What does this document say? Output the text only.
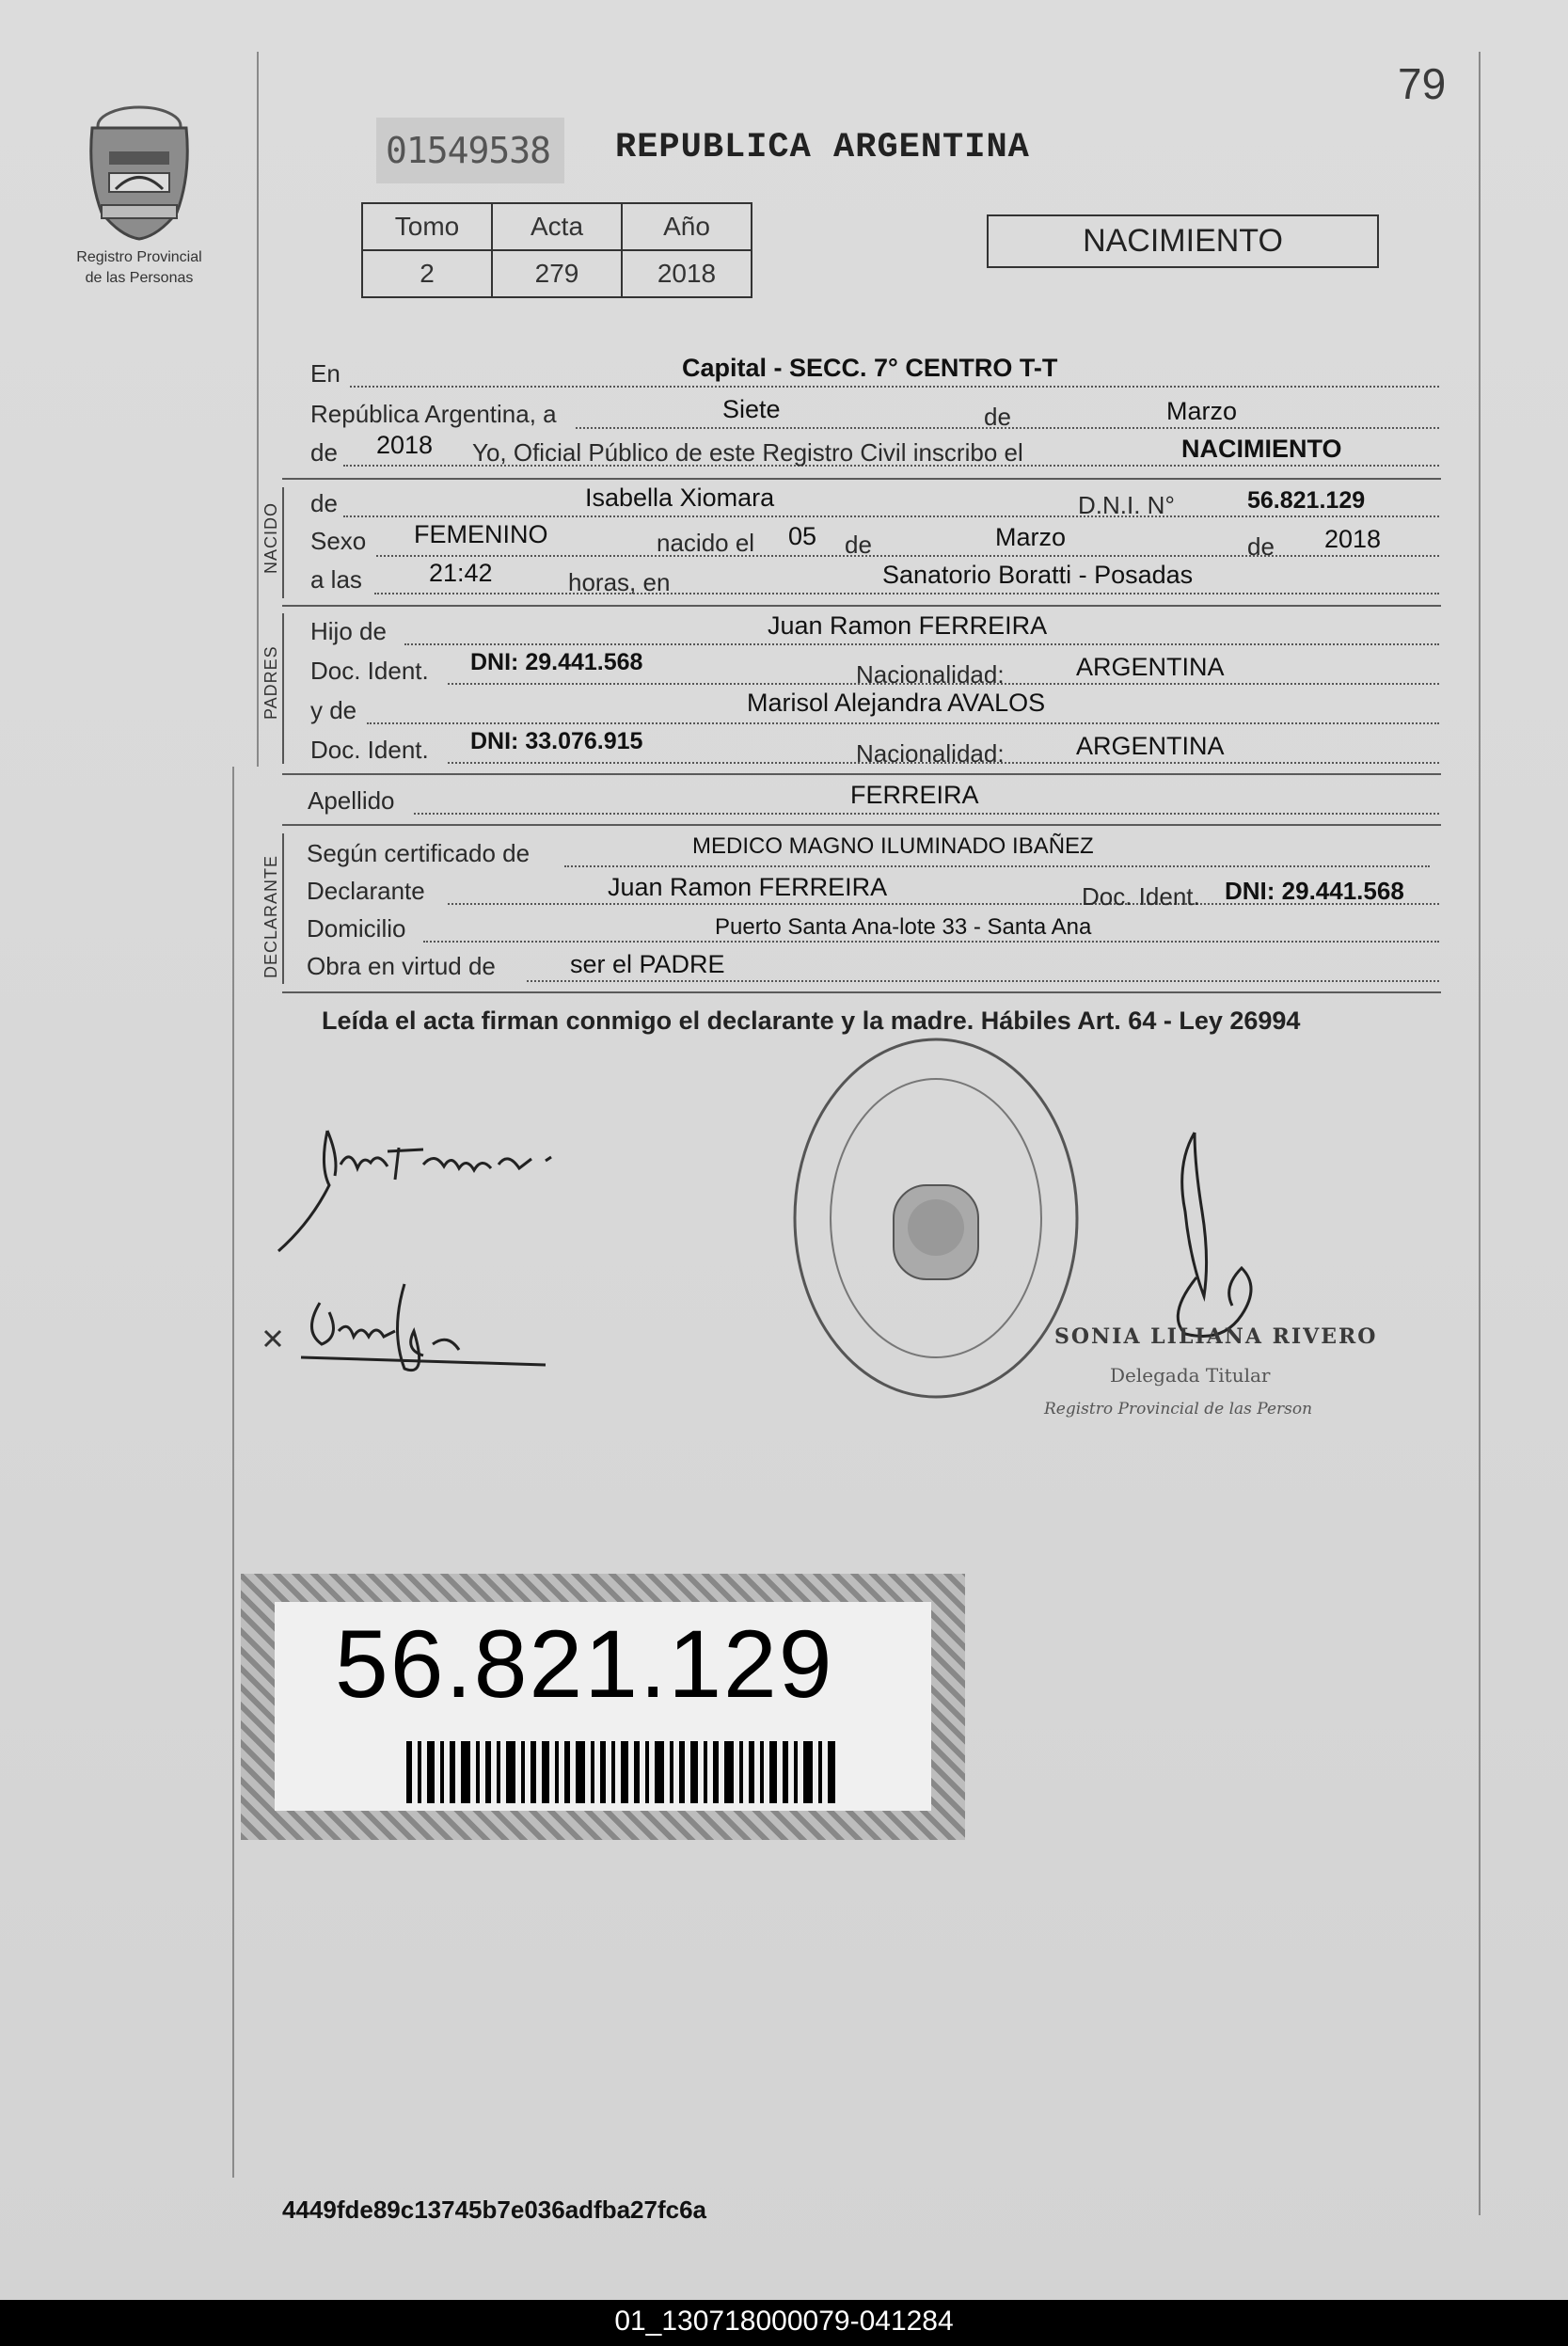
79
Registro Provincial
de las Personas
01549538	REPUBLICA ARGENTINA
Tomo	Acta	Año
2	279	2018
NACIMIENTO
En	Capital - SECC. 7° CENTRO T-T
República Argentina, a	Siete	de	Marzo
de 2018 Yo, Oficial Público de este Registro Civil inscribo el	NACIMIENTO
NACIDO de	Isabella Xiomara	D.N.I. N°	56.821.129
Sexo FEMENINO	nacido el 05 de	Marzo	de 2018
a las	21:42	horas, en	Sanatorio Boratti - Posadas
PADRES
Hijo de	Juan Ramon FERREIRA
Doc. Ident. DNI: 29.441.568	Nacionalidad:	ARGENTINA
y de	Marisol Alejandra AVALOS
Doc. Ident. DNI: 33.076.915	Nacionalidad:	ARGENTINA
Apellido	FERREIRA
DECLARANTE
Según certificado de	MEDICO MAGNO ILUMINADO IBAÑEZ
Declarante	Juan Ramon FERREIRA	Doc. Ident. DNI: 29.441.568
Domicilio	Puerto Santa Ana-lote 33 - Santa Ana
Obra en virtud de	ser el PADRE
Leída el acta firman conmigo el declarante y la madre. Hábiles Art. 64 - Ley 26994
SONIA LILIANA RIVERO
Delegada Titular
Registro Provincial de las Person
56.821.129
4449fde89c13745b7e036adfba27fc6a
01_130718000079-041284
